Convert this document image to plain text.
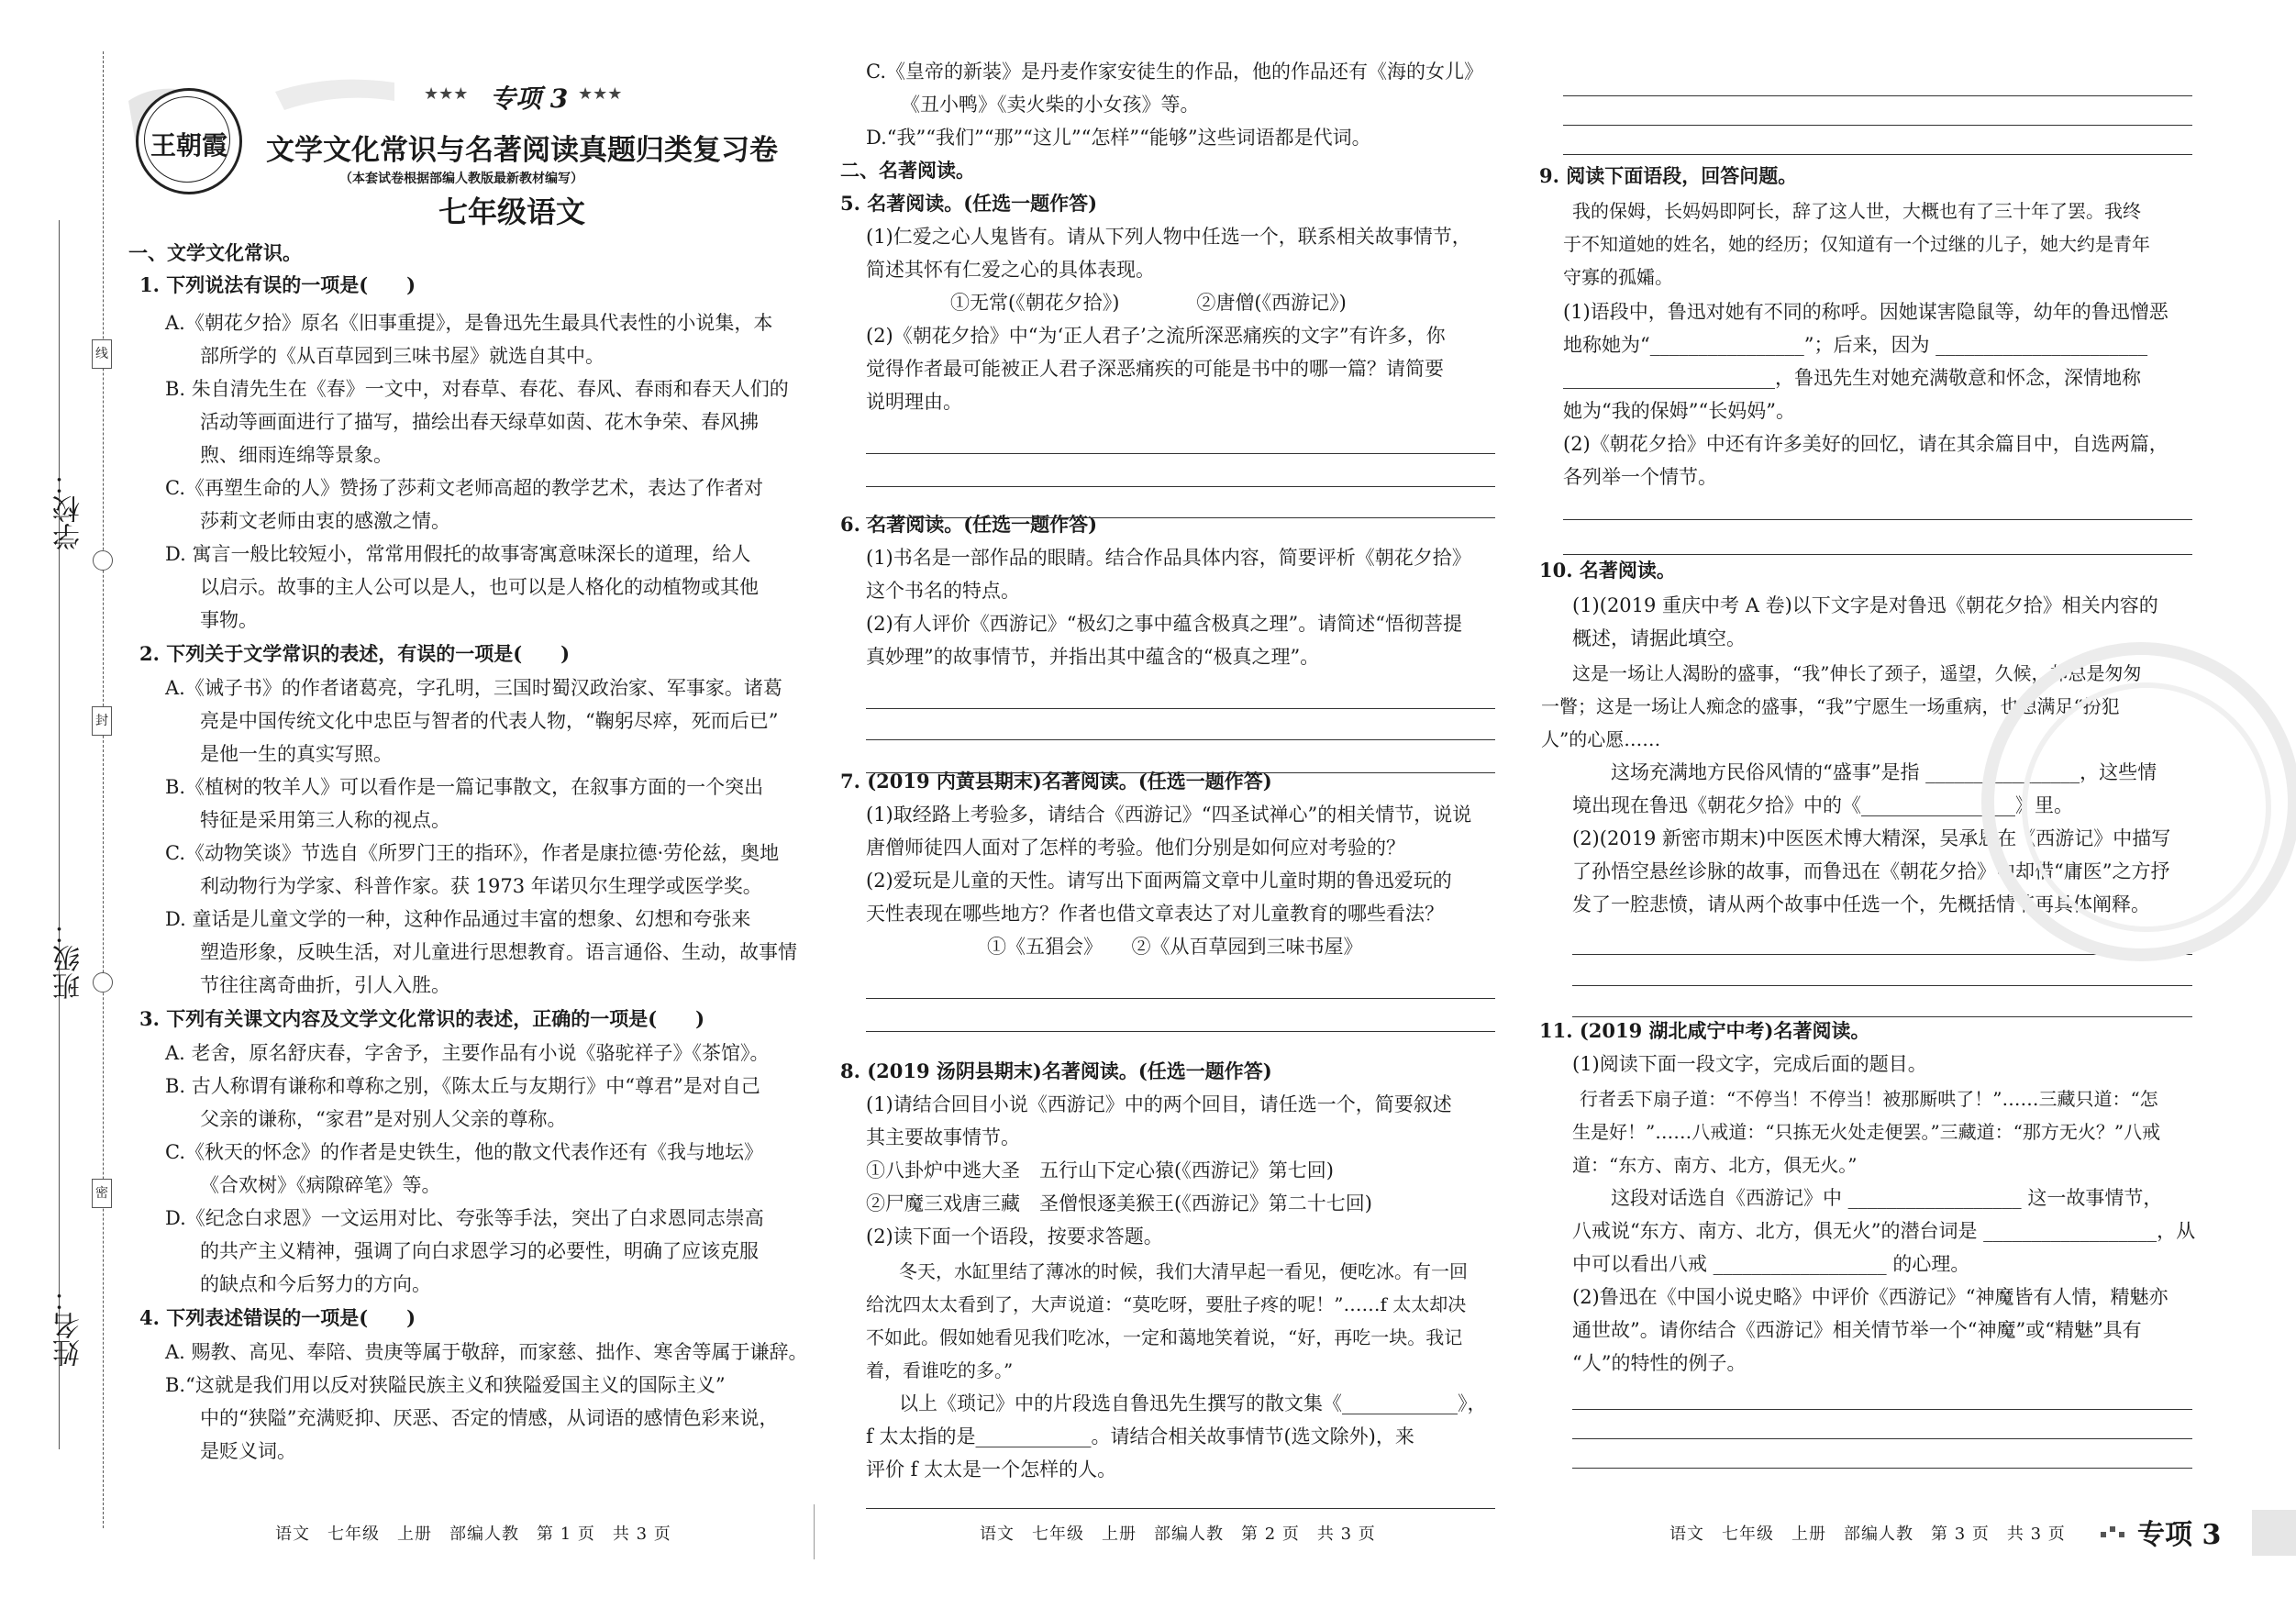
学校：
班级：
姓名：
线
封
密
王朝霞
★★★ 专项 3 ★★★
文学文化常识与名著阅读真题归类复习卷
（本套试卷根据部编人教版最新教材编写）
七年级语文
一、文学文化常识。
1. 下列说法有误的一项是(　　)
A.《朝花夕拾》原名《旧事重提》，是鲁迅先生最具代表性的小说集，本
部所学的《从百草园到三味书屋》就选自其中。
B. 朱自清先生在《春》一文中，对春草、春花、春风、春雨和春天人们的
活动等画面进行了描写，描绘出春天绿草如茵、花木争荣、春风拂
煦、细雨连绵等景象。
C.《再塑生命的人》赞扬了莎莉文老师高超的教学艺术，表达了作者对
莎莉文老师由衷的感激之情。
D. 寓言一般比较短小，常常用假托的故事寄寓意味深长的道理，给人
以启示。故事的主人公可以是人，也可以是人格化的动植物或其他
事物。
2. 下列关于文学常识的表述，有误的一项是(　　)
A.《诫子书》的作者诸葛亮，字孔明，三国时蜀汉政治家、军事家。诸葛
亮是中国传统文化中忠臣与智者的代表人物，“鞠躬尽瘁，死而后已”
是他一生的真实写照。
B.《植树的牧羊人》可以看作是一篇记事散文，在叙事方面的一个突出
特征是采用第三人称的视点。
C.《动物笑谈》节选自《所罗门王的指环》，作者是康拉德·劳伦兹，奥地
利动物行为学家、科普作家。获 1973 年诺贝尔生理学或医学奖。
D. 童话是儿童文学的一种，这种作品通过丰富的想象、幻想和夸张来
塑造形象，反映生活，对儿童进行思想教育。语言通俗、生动，故事情
节往往离奇曲折，引人入胜。
3. 下列有关课文内容及文学文化常识的表述，正确的一项是(　　)
A. 老舍，原名舒庆春，字舍予，主要作品有小说《骆驼祥子》《茶馆》。
B. 古人称谓有谦称和尊称之别，《陈太丘与友期行》中“尊君”是对自己
父亲的谦称，“家君”是对别人父亲的尊称。
C.《秋天的怀念》的作者是史铁生，他的散文代表作还有《我与地坛》
《合欢树》《病隙碎笔》等。
D.《纪念白求恩》一文运用对比、夸张等手法，突出了白求恩同志崇高
的共产主义精神，强调了向白求恩学习的必要性，明确了应该克服
的缺点和今后努力的方向。
4. 下列表述错误的一项是(　　)
A. 赐教、高见、奉陪、贵庚等属于敬辞，而家慈、拙作、寒舍等属于谦辞。
B.“这就是我们用以反对狭隘民族主义和狭隘爱国主义的国际主义”
中的“狭隘”充满贬抑、厌恶、否定的情感，从词语的感情色彩来说，
是贬义词。
C.《皇帝的新装》是丹麦作家安徒生的作品，他的作品还有《海的女儿》
《丑小鸭》《卖火柴的小女孩》等。
D.“我”“我们”“那”“这儿”“怎样”“能够”这些词语都是代词。
二、名著阅读。
5. 名著阅读。(任选一题作答)
(1)仁爱之心人鬼皆有。请从下列人物中任选一个，联系相关故事情节，
简述其怀有仁爱之心的具体表现。
①无常(《朝花夕拾》)　　　　②唐僧(《西游记》)
(2)《朝花夕拾》中“为‘正人君子’之流所深恶痛疾的文字”有许多，你
觉得作者最可能被正人君子深恶痛疾的可能是书中的哪一篇？请简要
说明理由。
6. 名著阅读。(任选一题作答)
(1)书名是一部作品的眼睛。结合作品具体内容，简要评析《朝花夕拾》
这个书名的特点。
(2)有人评价《西游记》“极幻之事中蕴含极真之理”。请简述“悟彻菩提
真妙理”的故事情节，并指出其中蕴含的“极真之理”。
7. (2019 内黄县期末)名著阅读。(任选一题作答)
(1)取经路上考验多，请结合《西游记》“四圣试禅心”的相关情节，说说
唐僧师徒四人面对了怎样的考验。他们分别是如何应对考验的？
(2)爱玩是儿童的天性。请写出下面两篇文章中儿童时期的鲁迅爱玩的
天性表现在哪些地方？作者也借文章表达了对儿童教育的哪些看法？
①《五猖会》　　②《从百草园到三味书屋》
8. (2019 汤阴县期末)名著阅读。(任选一题作答)
(1)请结合回目小说《西游记》中的两个回目，请任选一个，简要叙述
其主要故事情节。
①八卦炉中逃大圣　五行山下定心猿(《西游记》第七回)
②尸魔三戏唐三藏　圣僧恨逐美猴王(《西游记》第二十七回)
(2)读下面一个语段，按要求答题。
冬天，水缸里结了薄冰的时候，我们大清早起一看见，便吃冰。有一回
给沈四太太看到了，大声说道：“莫吃呀，要肚子疼的呢！”……f 太太却决
不如此。假如她看见我们吃冰，一定和蔼地笑着说，“好，再吃一块。我记
着，看谁吃的多。”
以上《琐记》中的片段选自鲁迅先生撰写的散文集《____________》，
f 太太指的是____________。请结合相关故事情节(选文除外)，来
评价 f 太太是一个怎样的人。
9. 阅读下面语段，回答问题。
我的保姆，长妈妈即阿长，辞了这人世，大概也有了三十年了罢。我终
于不知道她的姓名，她的经历；仅知道有一个过继的儿子，她大约是青年
守寡的孤孀。
(1)语段中，鲁迅对她有不同的称呼。因她谋害隐鼠等，幼年的鲁迅憎恶
地称她为“________________”；后来，因为 ______________________
______________________，鲁迅先生对她充满敬意和怀念，深情地称
她为“我的保姆”“长妈妈”。
(2)《朝花夕拾》中还有许多美好的回忆，请在其余篇目中，自选两篇，
各列举一个情节。
10. 名著阅读。
(1)(2019 重庆中考 A 卷)以下文字是对鲁迅《朝花夕拾》相关内容的
概述，请据此填空。
这是一场让人渴盼的盛事，“我”伸长了颈子，遥望，久候，却总是匆匆
一瞥；这是一场让人痴念的盛事，“我”宁愿生一场重病，也想满足“扮犯
人”的心愿……
这场充满地方民俗风情的“盛事”是指 ________________，这些情
境出现在鲁迅《朝花夕拾》中的《________________》里。
(2)(2019 新密市期末)中医医术博大精深，吴承恩在《西游记》中描写
了孙悟空悬丝诊脉的故事，而鲁迅在《朝花夕拾》中却借“庸医”之方抒
发了一腔悲愤，请从两个故事中任选一个，先概括情节再具体阐释。
11. (2019 湖北咸宁中考)名著阅读。
(1)阅读下面一段文字，完成后面的题目。
行者丢下扇子道：“不停当！不停当！被那厮哄了！”……三藏只道：“怎
生是好！”……八戒道：“只拣无火处走便罢。”三藏道：“那方无火？”八戒
道：“东方、南方、北方，俱无火。”
这段对话选自《西游记》中 __________________ 这一故事情节，
八戒说“东方、南方、北方，俱无火”的潜台词是 __________________，从
中可以看出八戒 __________________ 的心理。
(2)鲁迅在《中国小说史略》中评价《西游记》“神魔皆有人情，精魅亦
通世故”。请你结合《西游记》相关情节举一个“神魔”或“精魅”具有
“人”的特性的例子。
语文　七年级　上册　部编人教　第 1 页　共 3 页	语文　七年级　上册　部编人教　第 2 页　共 3 页	语文　七年级　上册　部编人教　第 3 页　共 3 页	专项 3
